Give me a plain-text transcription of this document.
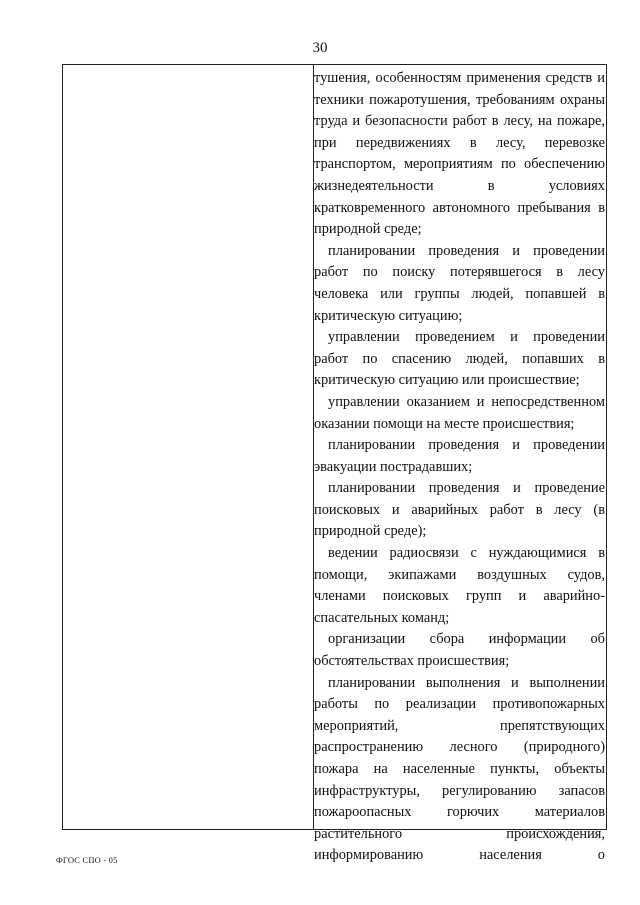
30

тушения, особенностям применения средств и техники пожаротушения, требованиям охраны труда и безопасности работ в лесу, на пожаре, при передвижениях в лесу, перевозке транспортом, мероприятиям по обеспечению жизнедеятельности в условиях кратковременного автономного пребывания в природной среде;

планировании проведения и проведении работ по поиску потерявшегося в лесу человека или группы людей, попавшей в критическую ситуацию;

управлении проведением и проведении работ по спасению людей, попавших в критическую ситуацию или происшествие;

управлении оказанием и непосредственном оказании помощи на месте происшествия;

планировании проведения и проведении эвакуации пострадавших;

планировании проведения и проведение поисковых и аварийных работ в лесу (в природной среде);

ведении радиосвязи с нуждающимися в помощи, экипажами воздушных судов, членами поисковых групп и аварийно-спасательных команд;

организации сбора информации об обстоятельствах происшествия;

планировании выполнения и выполнении работы по реализации противопожарных мероприятий, препятствующих распространению лесного (природного) пожара на населенные пункты, объекты инфраструктуры, регулированию запасов пожароопасных горючих материалов растительного происхождения, информированию населения о

ФГОС СПО - 05
